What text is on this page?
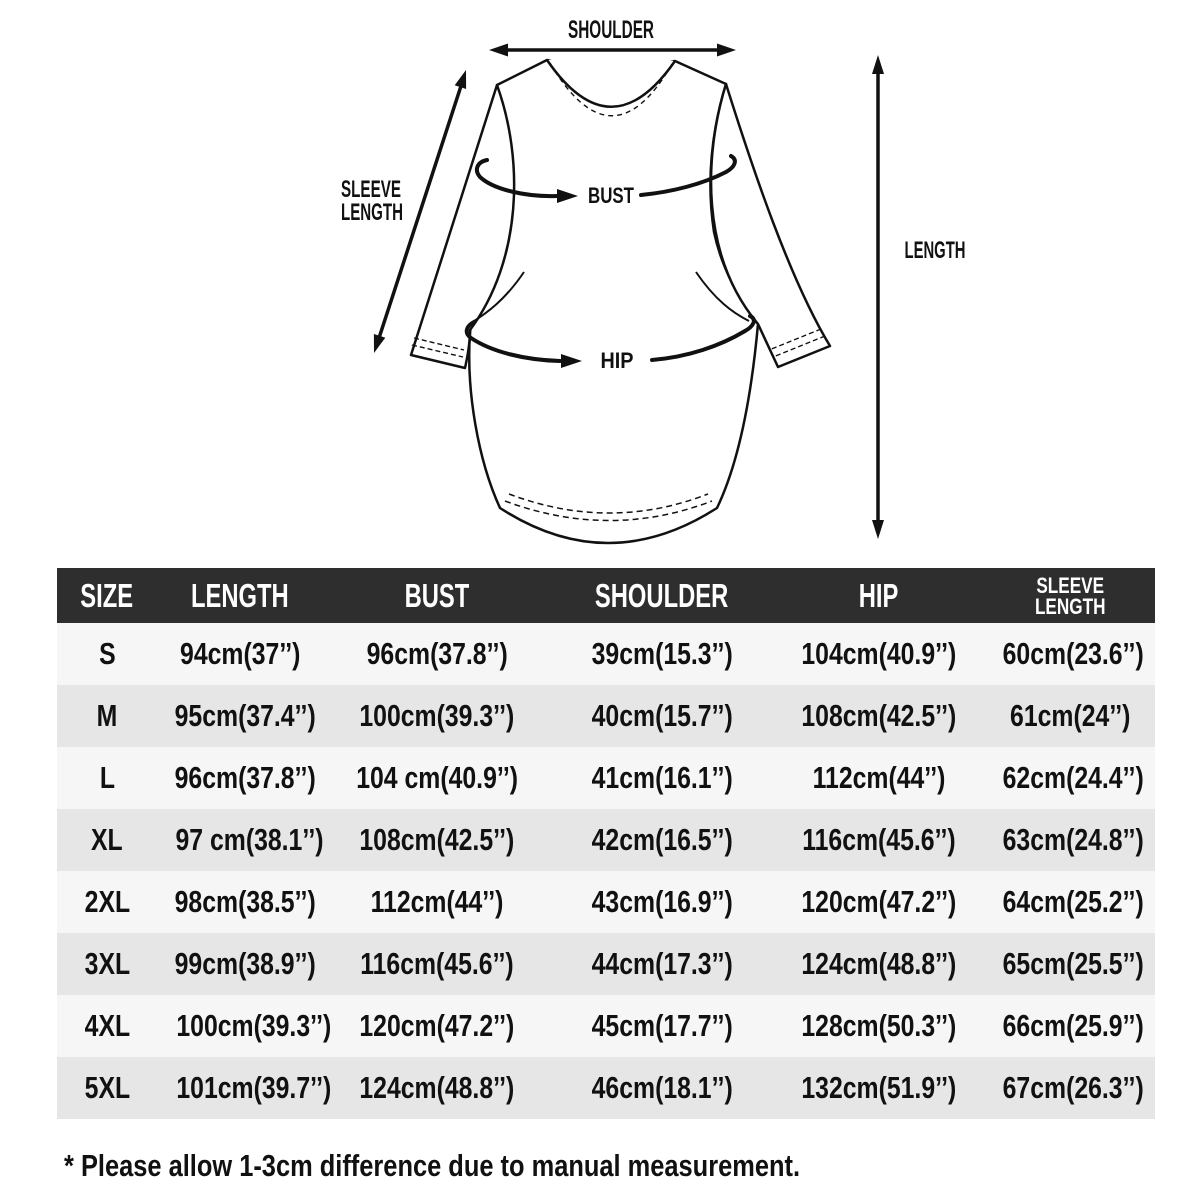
SHOULDER
SLEEVE
LENGTH
BUST
HIP
LENGTH
SIZE	LENGTH	BUST	SHOULDER	HIP	SLEEVE
LENGTH
S	94cm(37’’)	96cm(37.8’’)	39cm(15.3’’)	104cm(40.9’’)	60cm(23.6’’)
M	95cm(37.4’’)	100cm(39.3’’)	40cm(15.7’’)	108cm(42.5’’)	61cm(24’’)
L	96cm(37.8’’)	104 cm(40.9’’)	41cm(16.1’’)	112cm(44’’)	62cm(24.4’’)
XL	97 cm(38.1’’)	108cm(42.5’’)	42cm(16.5’’)	116cm(45.6’’)	63cm(24.8’’)
2XL	98cm(38.5’’)	112cm(44’’)	43cm(16.9’’)	120cm(47.2’’)	64cm(25.2’’)
3XL	99cm(38.9’’)	116cm(45.6’’)	44cm(17.3’’)	124cm(48.8’’)	65cm(25.5’’)
4XL	100cm(39.3’’) 120cm(47.2’’)	45cm(17.7’’)	128cm(50.3’’)	66cm(25.9’’)
5XL	101cm(39.7’’) 124cm(48.8’’)	46cm(18.1’’)	132cm(51.9’’)	67cm(26.3’’)
* Please allow 1-3cm difference due to manual measurement.
